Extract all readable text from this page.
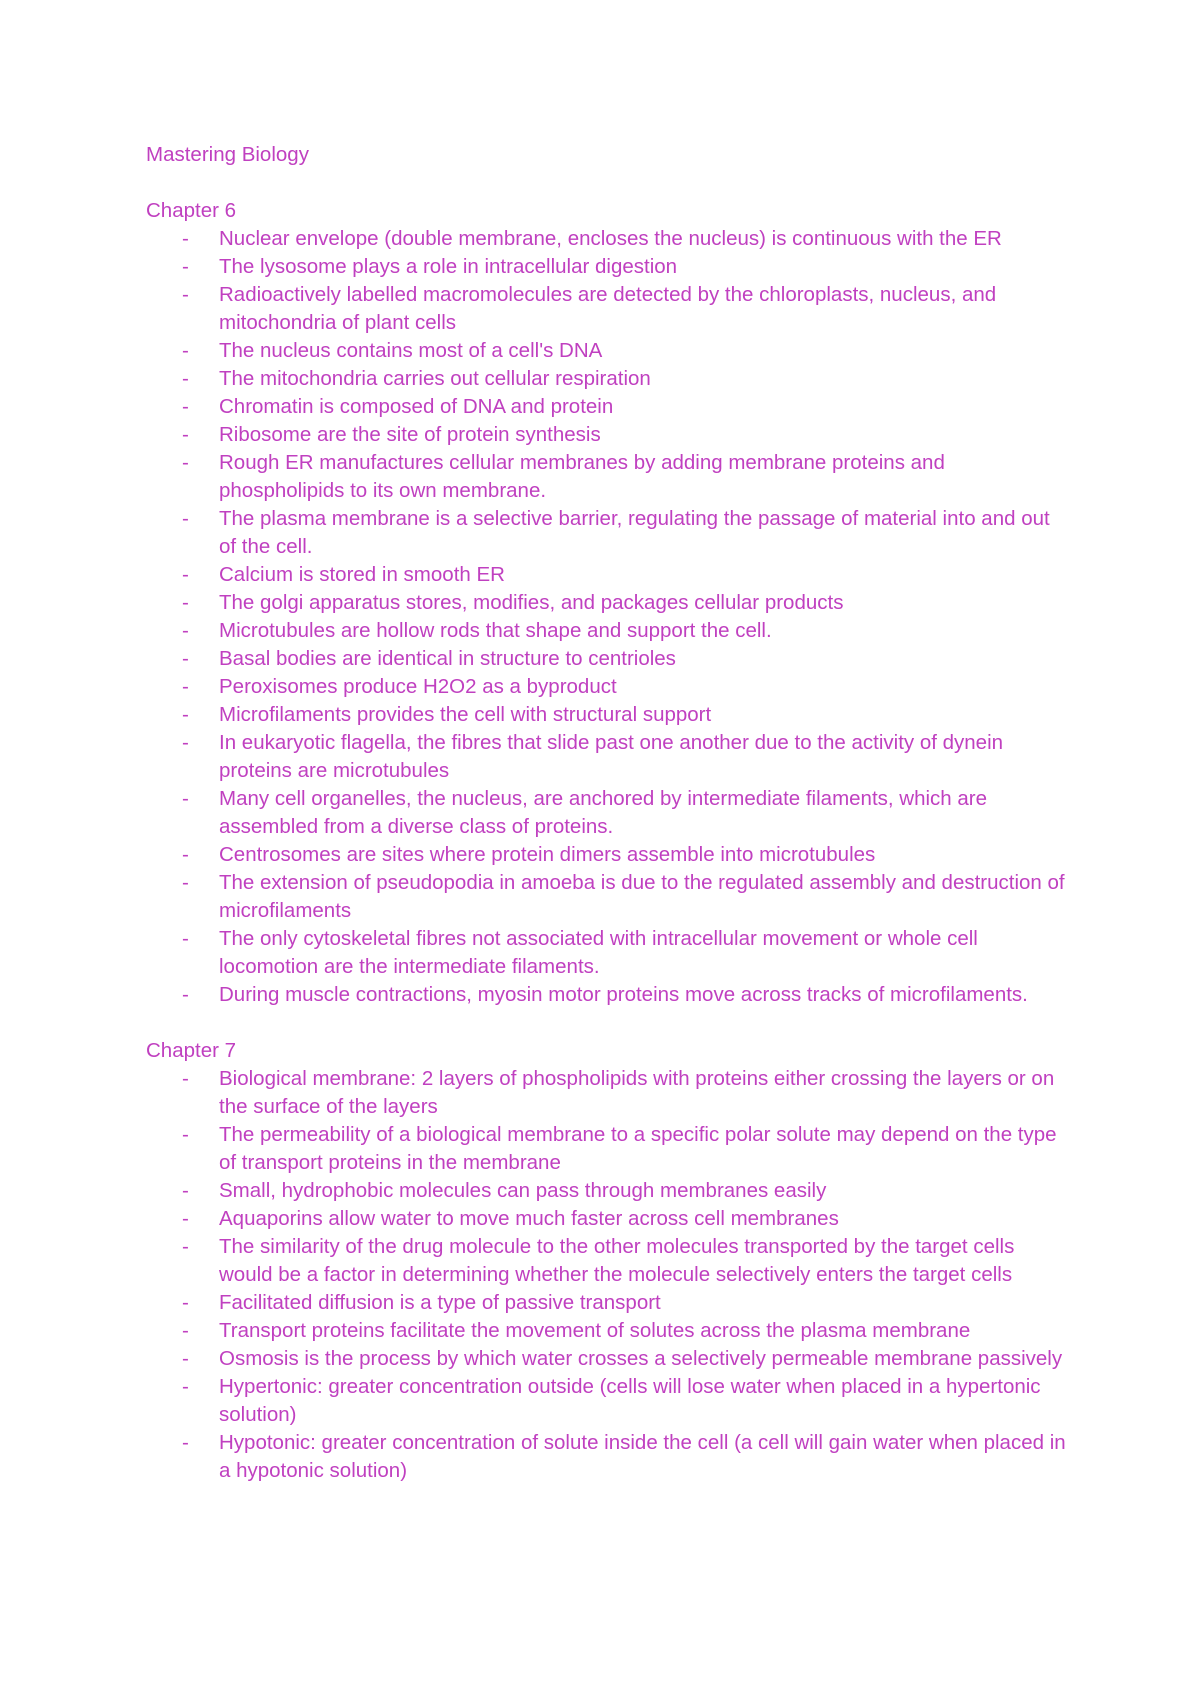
Mastering Biology
Chapter 6
- Nuclear envelope (double membrane, encloses the nucleus) is continuous with the ER
- The lysosome plays a role in intracellular digestion
- Radioactively labelled macromolecules are detected by the chloroplasts, nucleus, and mitochondria of plant cells
- The nucleus contains most of a cell's DNA
- The mitochondria carries out cellular respiration
- Chromatin is composed of DNA and protein
- Ribosome are the site of protein synthesis
- Rough ER manufactures cellular membranes by adding membrane proteins and phospholipids to its own membrane.
- The plasma membrane is a selective barrier, regulating the passage of material into and out of the cell.
- Calcium is stored in smooth ER
- The golgi apparatus stores, modifies, and packages cellular products
- Microtubules are hollow rods that shape and support the cell.
- Basal bodies are identical in structure to centrioles
- Peroxisomes produce H2O2 as a byproduct
- Microfilaments provides the cell with structural support
- In eukaryotic flagella, the fibres that slide past one another due to the activity of dynein proteins are microtubules
- Many cell organelles, the nucleus, are anchored by intermediate filaments, which are assembled from a diverse class of proteins.
- Centrosomes are sites where protein dimers assemble into microtubules
- The extension of pseudopodia in amoeba is due to the regulated assembly and destruction of microfilaments
- The only cytoskeletal fibres not associated with intracellular movement or whole cell locomotion are the intermediate filaments.
- During muscle contractions, myosin motor proteins move across tracks of microfilaments.
Chapter 7
- Biological membrane: 2 layers of phospholipids with proteins either crossing the layers or on the surface of the layers
- The permeability of a biological membrane to a specific polar solute may depend on the type of transport proteins in the membrane
- Small, hydrophobic molecules can pass through membranes easily
- Aquaporins allow water to move much faster across cell membranes
- The similarity of the drug molecule to the other molecules transported by the target cells would be a factor in determining whether the molecule selectively enters the target cells
- Facilitated diffusion is a type of passive transport
- Transport proteins facilitate the movement of solutes across the plasma membrane
- Osmosis is the process by which water crosses a selectively permeable membrane passively
- Hypertonic: greater concentration outside (cells will lose water when placed in a hypertonic solution)
- Hypotonic: greater concentration of solute inside the cell (a cell will gain water when placed in a hypotonic solution)
